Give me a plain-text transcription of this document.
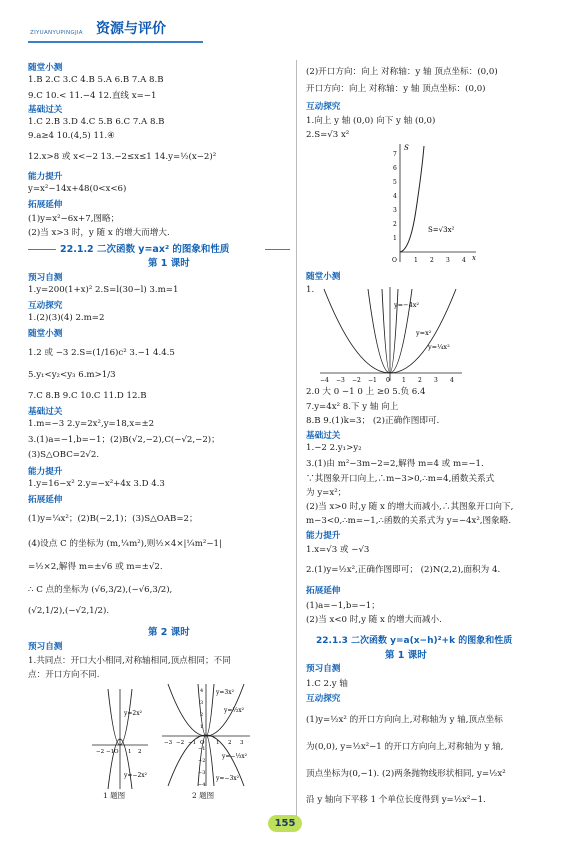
ZIYUANYUPINGJIA 资源与评价
随堂小测
1.B 2.C 3.C 4.B 5.A 6.B 7.A 8.B
9.C 10.< 11.−4 12.直线 x=−1
基础过关
1.C 2.B 3.D 4.C 5.B 6.C 7.A 8.B
9.a≥4 10.(4,5) 11.④
12.x>8 或 x<−2 13.−2≤x≤1 14.y=½(x−2)²
能力提升
y=x²−14x+48(0<x<6)
拓展延伸
(1)y=x²−6x+7,图略；
(2)当 x>3 时，y 随 x 的增大而增大.
预习自测
1.y=200(1+x)² 2.S=l(30−l) 3.m=1
互动探究
1.(2)(3)(4) 2.m=2
随堂小测
1.2 或 −3 2.S=(1/16)c² 3.−1 4.4.5
5.y₁<y₂<y₃ 6.m>1/3
7.C 8.B 9.C 10.C 11.D 12.B
基础过关
1.m=−3 2.y=2x²,y=18,x=±2
3.(1)a=−1,b=−1；(2)B(√2,−2),C(−√2,−2)；
(3)S△OBC=2√2.
能力提升
1.y=16−x² 2.y=−x²+4x 3.D 4.3
拓展延伸
(1)y=¼x²；(2)B(−2,1)；(3)S△OAB=2；
(4)设点 C 的坐标为 (m,¼m²),则½×4×|¼m²−1|
=½×2,解得 m=±√6 或 m=±√2.
∴ C 点的坐标为 (√6,3/2),(−√6,3/2),
(√2,1/2),(−√2,1/2).
预习自测
1.共同点：开口大小相同,对称轴相同,顶点相同；不同
点：开口方向不同.
(2)开口方向：向上 对称轴：y 轴 顶点坐标：(0,0)
开口方向：向上 对称轴：y 轴 顶点坐标：(0,0)
互动探究
1.向上 y 轴 (0,0) 向下 y 轴 (0,0)
2.S=√3 x²
随堂小测
1.
2.0 大 0 −1 0 上 ≥0 5.负 6.4
7.y=4x² 8.下 y 轴 向上
8.B 9.(1)k=3； (2)正确作图即可.
基础过关
1.−2 2.y₁>y₂
3.(1)由 m²−3m−2=2,解得 m=4 或 m=−1.
∵其图象开口向上,∴m−3>0,∴m=4,函数关系式
为 y=x²；
(2)当 x>0 时,y 随 x 的增大而减小,∴其图象开口向下,
m−3<0,∴m=−1,∴函数的关系式为 y=−4x²,图象略.
能力提升
1.x=√3 或 −√3
2.(1)y=½x²,正确作图即可； (2)N(2,2),面积为 4.
拓展延伸
(1)a=−1,b=−1；
(2)当 x<0 时,y 随 x 的增大而减小.
预习自测
1.C 2.y 轴
互动探究
(1)y=½x² 的开口方向向上,对称轴为 y 轴,顶点坐标
为(0,0), y=½x²−1 的开口方向向上,对称轴为 y 轴,
顶点坐标为(0,−1). (2)两条抛物线形状相同, y=½x²
沿 y 轴向下平移 1 个单位长度得到 y=½x²−1.
22.1.2 二次函数 y=ax² 的图象和性质
第 1 课时
第 2 课时
22.1.3 二次函数 y=a(x−h)²+k 的图象和性质
第 1 课时
y=2x²
y=−2x²
−2 −1 O 1 2
1 题图
y=3x²
y=⅓x²
y=−⅓x²
y=−3x²
−3 −2 −1 O 1 2 3
4
3
2
1
−1
−2
−3
−4
2 题图
S
x
S=√3x²
O	1 2 3 4
7
6
5
4
3
2
1
y=−4x²
y=x²
y=¼x²
−4 −3 −2 −1 0 1 2 3 4
155
